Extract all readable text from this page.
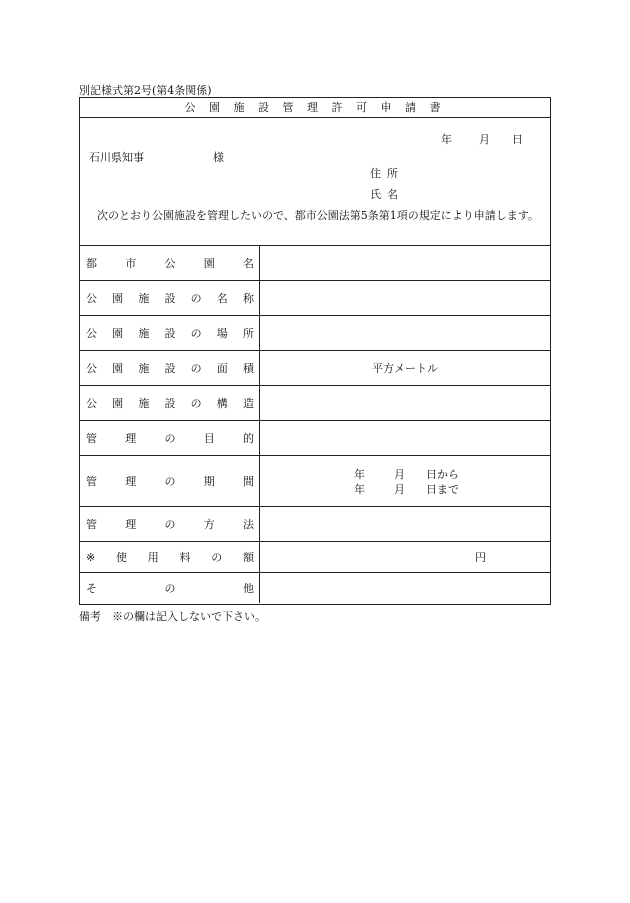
別記様式第2号(第4条関係)
公 園 施 設 管 理 許 可 申 請 書
年 月 日
石川県知事	様
住所
氏名
次のとおり公園施設を管理したいので、都市公園法第5条第1項の規定により申請します。
都	市	公	園	名
公 園 施 設 の 名 称
公 園 施 設 の 場 所
公 園 施 設 の 面 積	平方メートル
公 園 施 設 の 構 造
管	理	の	目	的
管	理	の	期	間
年	月	日から
年	月	日まで
管	理	の	方	法
※ 使 用 料 の 額	円
そ	の	他
備考　※の欄は記入しないで下さい。
